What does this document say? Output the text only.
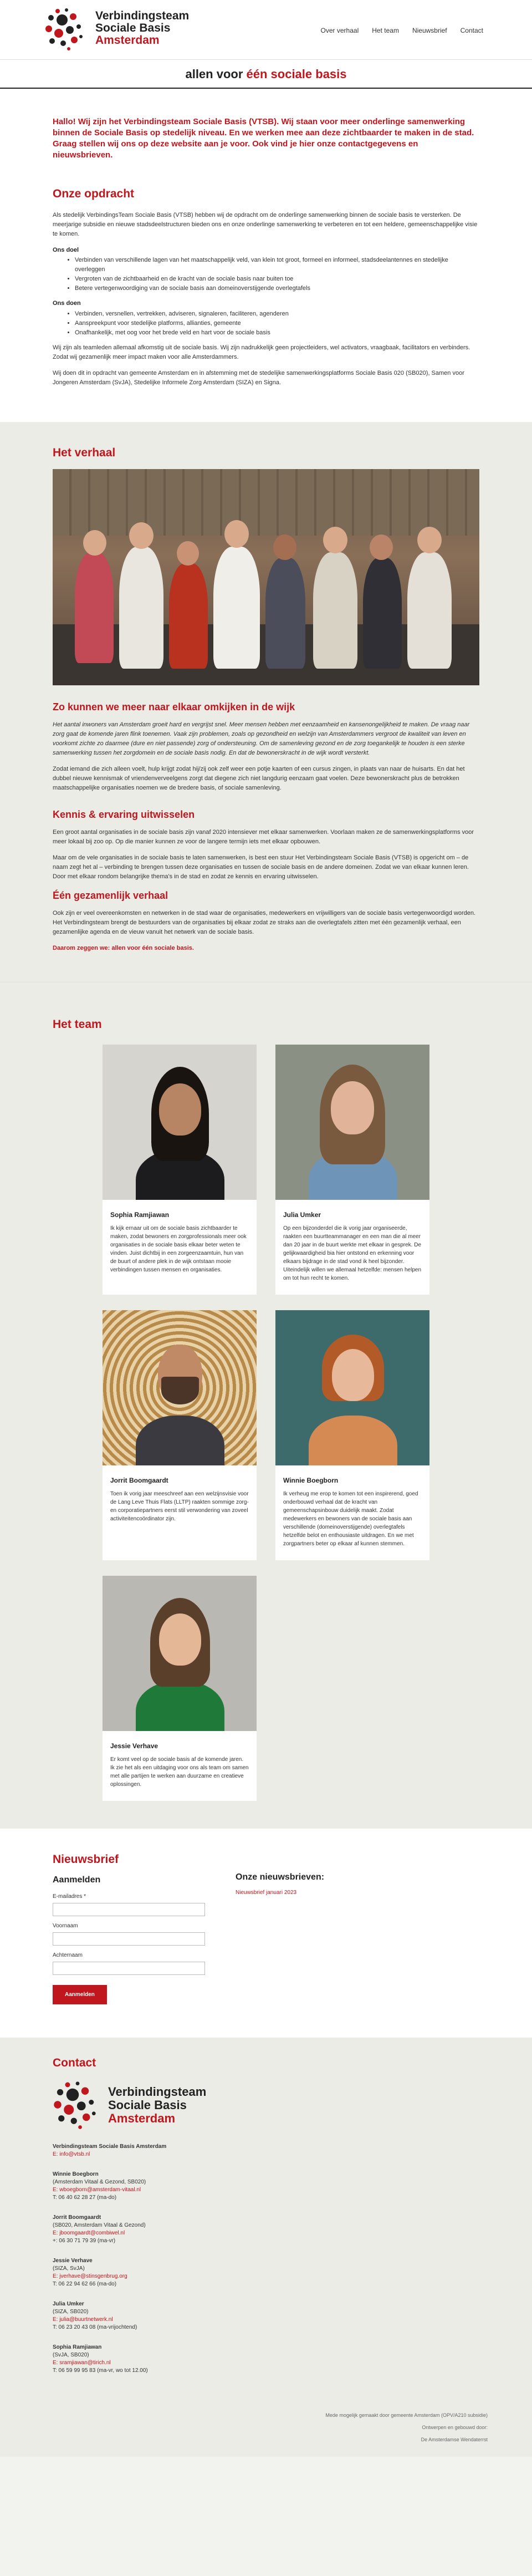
Verbindingsteam
Sociale Basis
Amsterdam
Over verhaal Het team Nieuwsbrief Contact
allen voor één sociale basis

Hallo! Wij zijn het Verbindingsteam Sociale Basis (VTSB). Wij staan voor meer onderlinge samenwerking binnen de Sociale Basis op stedelijk niveau. En we werken mee aan deze zichtbaarder te maken in de stad. Graag stellen wij ons op deze website aan je voor. Ook vind je hier onze contactgegevens en nieuwsbrieven.

Onze opdracht

Als stedelijk VerbindingsTeam Sociale Basis (VTSB) hebben wij de opdracht om de onderlinge samenwerking binnen de sociale basis te versterken. De meerjarige subsidie en nieuwe stadsdeelstructuren bieden ons en onze onderlinge samenwerking te verbeteren en tot een heldere, gemeenschappelijke visie te komen.

Ons doel
• Verbinden van verschillende lagen van het maatschappelijk veld, van klein tot groot, formeel en informeel, stadsdeelantennes en stedelijke overleggen
• Vergroten van de zichtbaarheid en de kracht van de sociale basis naar buiten toe
• Betere vertegenwoordiging van de sociale basis aan domeinoverstijgende overlegtafels
Ons doen
• Verbinden, versnellen, vertrekken, adviseren, signaleren, faciliteren, agenderen
• Aanspreekpunt voor stedelijke platforms, allianties, gemeente
• Onafhankelijk, met oog voor het brede veld en hart voor de sociale basis

Wij zijn als teamleden allemaal afkomstig uit de sociale basis. Wij zijn nadrukkelijk geen projectleiders, wel activators, vraagbaak, facilitators en verbinders. Zodat wij gezamenlijk meer impact maken voor alle Amsterdammers.

Wij doen dit in opdracht van gemeente Amsterdam en in afstemming met de stedelijke samenwerkingsplatforms Sociale Basis 020 (SB020), Samen voor Jongeren Amsterdam (SvJA), Stedelijke Informele Zorg Amsterdam (SIZA) en Signa.

Het verhaal
Zo kunnen we meer naar elkaar omkijken in de wijk

Het aantal inwoners van Amsterdam groeit hard en vergrijst snel. Meer mensen hebben met eenzaamheid en kansenongelijkheid te maken. De vraag naar zorg gaat de komende jaren flink toenemen. Vaak zijn problemen, zoals op gezondheid en welzijn van Amsterdammers vergroot de kwaliteit van leven en voorkomt zichte zo daarmee (dure en niet passende) zorg of ondersteuning. Om de samenleving gezond en de zorg toegankelijk te houden is een sterke samenwerking tussen het zorgdomein en de sociale basis nodig. En dat de bewonerskracht in de wijk wordt versterkt.

Zodat iemand die zich alleen voelt, hulp krijgt zodat hij/zij ook zelf weer een potje kaarten of een cursus zingen, in plaats van naar de huisarts. En dat het dubbel nieuwe kennismak of vriendenverveelgens zorgt dat diegene zich niet langdurig eenzaam gaat voelen. Deze bewonerskracht plus de betrokken maatschappelijke organisaties noemen we de bredere basis, of sociale samenleving.

Kennis & ervaring uitwisselen

Een groot aantal organisaties in de sociale basis zijn vanaf 2020 intensiever met elkaar samenwerken. Voorlaan maken ze de samenwerkingsplatforms voor meer lokaal bij zoo op. Op die manier kunnen ze voor de langere termijn iets met elkaar opbouwen.

Maar om de vele organisaties in de sociale basis te laten samenwerken, is best een stuur Het Verbindingsteam Sociale Basis (VTSB) is opgericht om – de naam zegt het al – verbinding te brengen tussen deze organisaties en tussen de sociale basis en de andere domeinen. Zodat we van elkaar kunnen leren. Door met elkaar rondom belangrijke thema's in de stad en zodat ze kennis en ervaring uitwisselen.

Één gezamenlijk verhaal

Ook zijn er veel overeenkomsten en netwerken in de stad waar de organisaties, medewerkers en vrijwilligers van de sociale basis vertegenwoordigd worden. Het Verbindingsteam brengt de bestuurders van de organisaties bij elkaar zodat ze straks aan die overlegtafels zitten met één gezamenlijk verhaal, een gezamenlijke agenda en de vieuw vanuit het netwerk van de sociale basis.

Daarom zeggen we: allen voor één sociale basis.

Het team
Sophia Ramjiawan
Ik kijk ernaar uit om de sociale basis zichtbaarder te maken, zodat bewoners en zorgprofessionals meer ook organisaties in de sociale basis elkaar beter weten te vinden. Juist dichtbij in een zorgeenzaamtuin, hun van de buurt of andere plek in de wijk ontstaan mooie verbindingen tussen mensen en organisaties.
Julia Umker
Op een bijzonderdel die ik vorig jaar organiseerde, raakten een buurtteammanager en een man die al meer dan 20 jaar in de buurt werkte met elkaar in gesprek. De gelijkwaardigheid bia hier ontstond en erkenning voor elkaars bijdrage in de stad vond ik heel bijzonder. Uiteindelijk willen we allemaal hetzelfde: mensen helpen om tot hun recht te komen.
Jorrit Boomgaardt
Toen ik vorig jaar meeschreef aan een welzijnsvisie voor de Lang Leve Thuis Flats (LLTP) raakten sommige zorg- en corporatiepartners eerst stil verwondering van zoveel activiteitencoördinator zijn.
Winnie Boegborn
Ik verheug me erop te komen tot een inspirerend, goed onderbouwd verhaal dat de kracht van gemeenschapsinbouw duidelijk maakt. Zodat medewerkers en bewoners van de sociale basis aan verschillende (domeinoverstijgende) overlegtafels hetzelfde belot en enthousiaste uitdragen. En we met zorgpartners beter op elkaar af kunnen stemmen.
Jessie Verhave
Er komt veel op de sociale basis af de komende jaren. Ik zie het als een uitdaging voor ons als team om samen met alle partijen te werken aan duurzame en creatieve oplossingen.
Nieuwsbrief
Aanmelden
E-mailadres *
Voornaam
Achternaam
Aanmelden
Onze nieuwsbrieven:
Nieuwsbrief januari 2023
Contact
Verbindingsteam
Sociale Basis
Amsterdam
Verbindingsteam Sociale Basis Amsterdam
E: info@vtsb.nl
Winnie Boegborn
(Amsterdam Vitaal & Gezond, SB020)
E: wboegborn@amsterdam-vitaal.nl
T: 06 40 62 28 27 (ma-do)
Jorrit Boomgaardt
(SB020, Amsterdam Vitaal & Gezond)
E: jboomgaardt@combiwel.nl
+: 06 30 71 79 39 (ma-vr)
Jessie Verhave
(SIZA, SvJA)
E: jverhave@stinsgenbrug.org
T: 06 22 94 62 66 (ma-do)
Julia Umker
(SIZA, SB020)
E: julia@buurtnetwerk.nl
T: 06 23 20 43 08 (ma-vrijochtend)
Sophia Ramjiawan
(SvJA, SB020)
E: sramjiawan@tirich.nl
T: 06 59 99 95 83 (ma-vr, wo tot 12.00)
Mede mogelijk gemaakt door gemeente Amsterdam (OPV/A210 subsidie)
Ontwerpen en gebouwd door:
De Amsterdamse Wendaterrst
